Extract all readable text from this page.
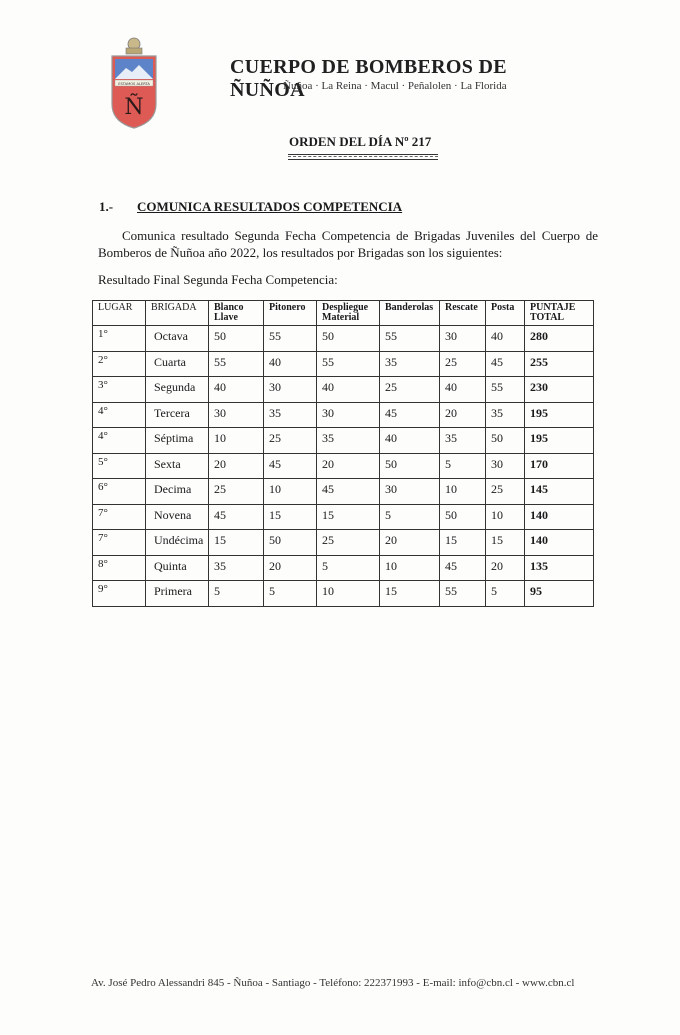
ESTAMOS ALERTA
Ñ
CUERPO DE BOMBEROS DE ÑUÑOA
Ñuñoa · La Reina · Macul · Peñalolen · La Florida
ORDEN DEL DÍA Nº 217
1.- COMUNICA RESULTADOS COMPETENCIA
Comunica resultado Segunda Fecha Competencia de Brigadas Juveniles del Cuerpo de Bomberos de Ñuñoa año 2022, los resultados por Brigadas son los siguientes:
Resultado Final Segunda Fecha Competencia:
LUGAR	BRIGADA	Blanco Llave	Pitonero	Despliegue Material	Banderolas	Rescate	Posta	PUNTAJE TOTAL
1°	Octava	50	55	50	55	30	40	280
2°	Cuarta	55	40	55	35	25	45	255
3°	Segunda	40	30	40	25	40	55	230
4°	Tercera	30	35	30	45	20	35	195
4°	Séptima	10	25	35	40	35	50	195
5°	Sexta	20	45	20	50	5	30	170
6°	Decima	25	10	45	30	10	25	145
7°	Novena	45	15	15	5	50	10	140
7°	Undécima	15	50	25	20	15	15	140
8°	Quinta	35	20	5	10	45	20	135
9°	Primera	5	5	10	15	55	5	95
Av. José Pedro Alessandri 845 - Ñuñoa - Santiago - Teléfono: 222371993 - E-mail: info@cbn.cl - www.cbn.cl
